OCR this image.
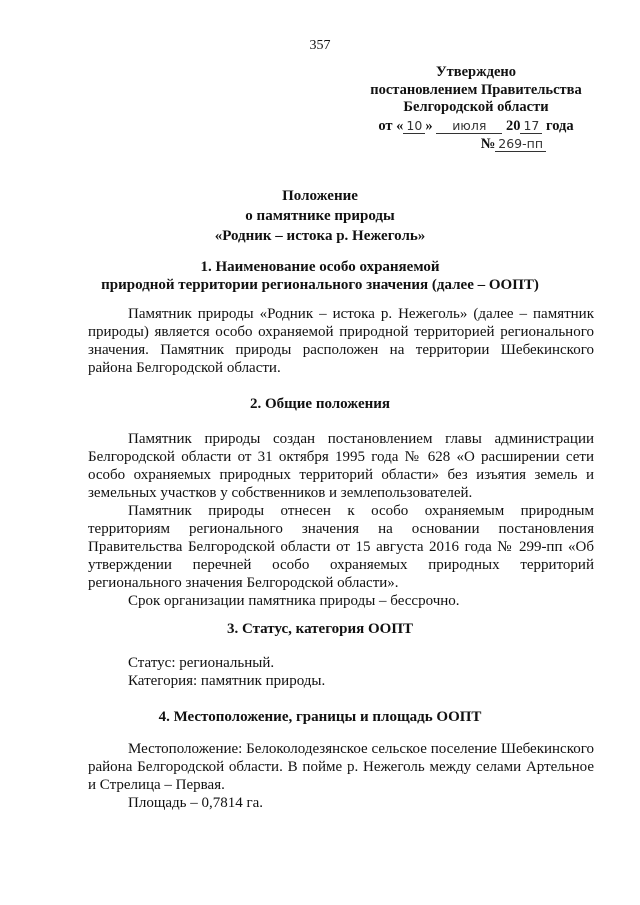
357
Утверждено
постановлением Правительства
Белгородской области
от « 10 » июля 20 17 года
№ 269-пп
Положение
о памятнике природы
«Родник – истока р. Нежеголь»
1. Наименование особо охраняемой
природной территории регионального значения (далее – ООПТ)

Памятник природы «Родник – истока р. Нежеголь» (далее – памятник природы) является особо охраняемой природной территорией регионального значения. Памятник природы расположен на территории Шебекинского района Белгородской области.

2. Общие положения

Памятник природы создан постановлением главы администрации Белгородской области от 31 октября 1995 года № 628 «О расширении сети особо охраняемых природных территорий области» без изъятия земель и земельных участков у собственников и землепользователей.

Памятник природы отнесен к особо охраняемым природным территориям регионального значения на основании постановления Правительства Белгородской области от 15 августа 2016 года № 299-пп «Об утверждении перечней особо охраняемых природных территорий регионального значения Белгородской области».

Срок организации памятника природы – бессрочно.

3. Статус, категория ООПТ

Статус: региональный.

Категория: памятник природы.

4. Местоположение, границы и площадь ООПТ

Местоположение: Белоколодезянское сельское поселение Шебекинского района Белгородской области. В пойме р. Нежеголь между селами Артельное и Стрелица – Первая.

Площадь – 0,7814 га.
